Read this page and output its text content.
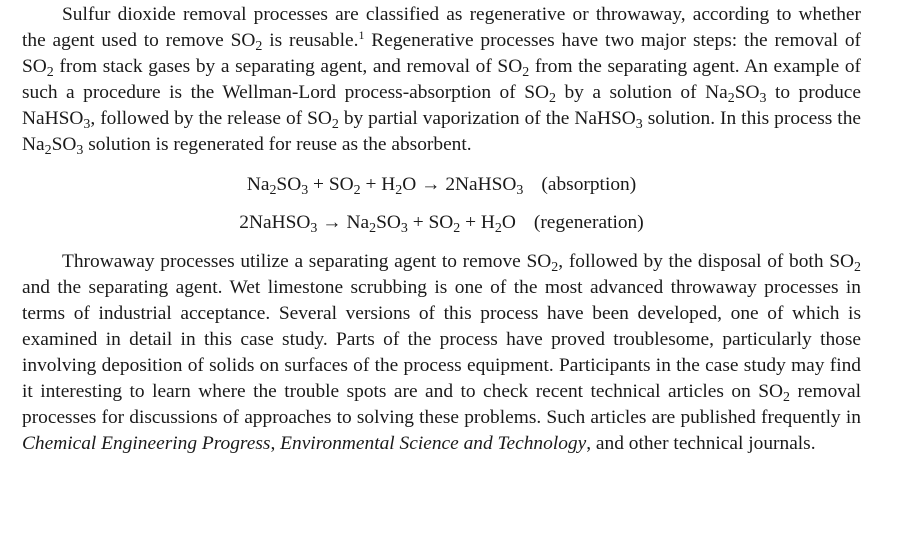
Sulfur dioxide removal processes are classified as regenerative or throwaway, according to whether the agent used to remove $SO_2$ is reusable.$^1$ Regenerative processes have two major steps: the removal of $SO_2$ from stack gases by a separating agent, and removal of $SO_2$ from the separating agent. An example of such a procedure is the Wellman-Lord process-absorption of $SO_2$ by a solution of $Na_2SO_3$ to produce NaHSO$_3$, followed by the release of $SO_2$ by partial vaporization of the NaHSO$_3$ solution. In this process the $Na_2SO_3$ solution is regenerated for reuse as the absorbent.

$Na_2SO_3 + SO_2 + H_2O$ → 2NaHSO$_3$ (absorption)
2NaHSO$_3$ → $Na_2SO_3 + SO_2 + H_2O$ (regeneration)

Throwaway processes utilize a separating agent to remove $SO_2$, followed by the disposal of both $SO_2$ and the separating agent. Wet limestone scrubbing is one of the most advanced throwaway processes in terms of industrial acceptance. Several versions of this process have been developed, one of which is examined in detail in this case study. Parts of the process have proved troublesome, particularly those involving deposition of solids on surfaces of the process equipment. Participants in the case study may find it interesting to learn where the trouble spots are and to check recent technical articles on $SO_2$ removal processes for discussions of approaches to solving these problems. Such articles are published frequently in Chemical Engineering Progress, Environmental Science and Technology, and other technical journals.
